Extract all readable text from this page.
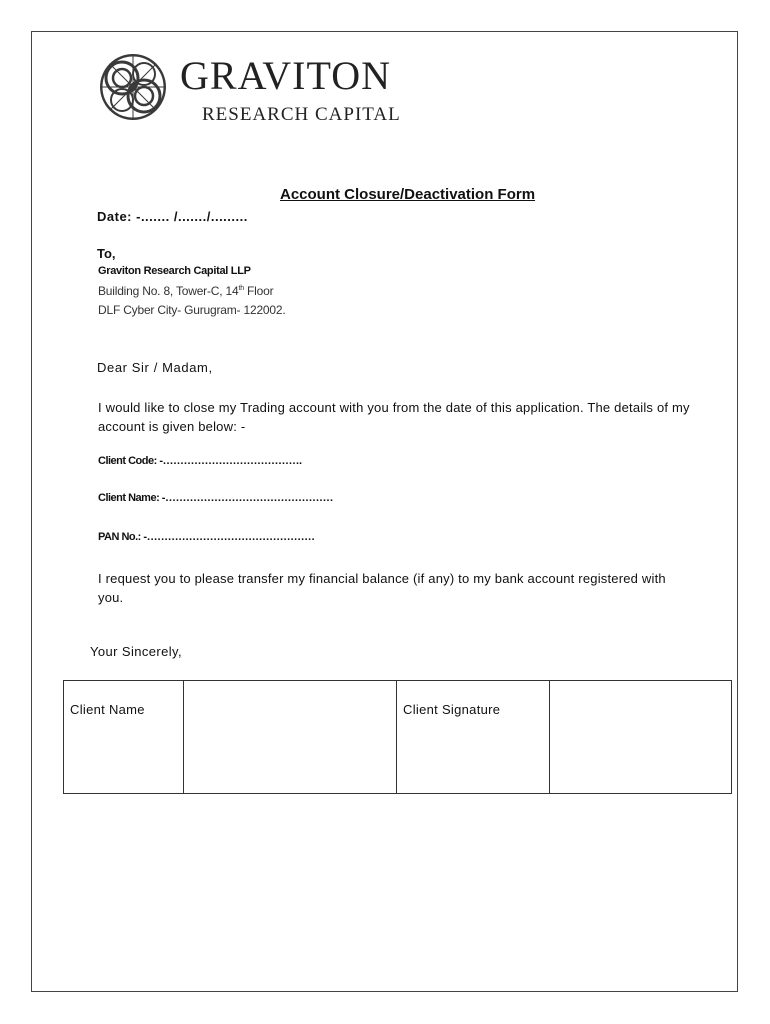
GRAVITON
RESEARCH CAPITAL
Account Closure/Deactivation Form
Date: -....... /......./.........
To,
Graviton Research Capital LLP
Building No. 8, Tower-C, 14th Floor
DLF Cyber City- Gurugram- 122002.
Dear Sir / Madam,
I would like to close my Trading account with you from the date of this application. The details of my account is given below: -
Client Code: -………………………………….
Client Name: -…………………………………………
PAN No.: -…………………………………………
I request you to please transfer my financial balance (if any) to my bank account registered with you.
Your Sincerely,
Client Name		Client Signature	
